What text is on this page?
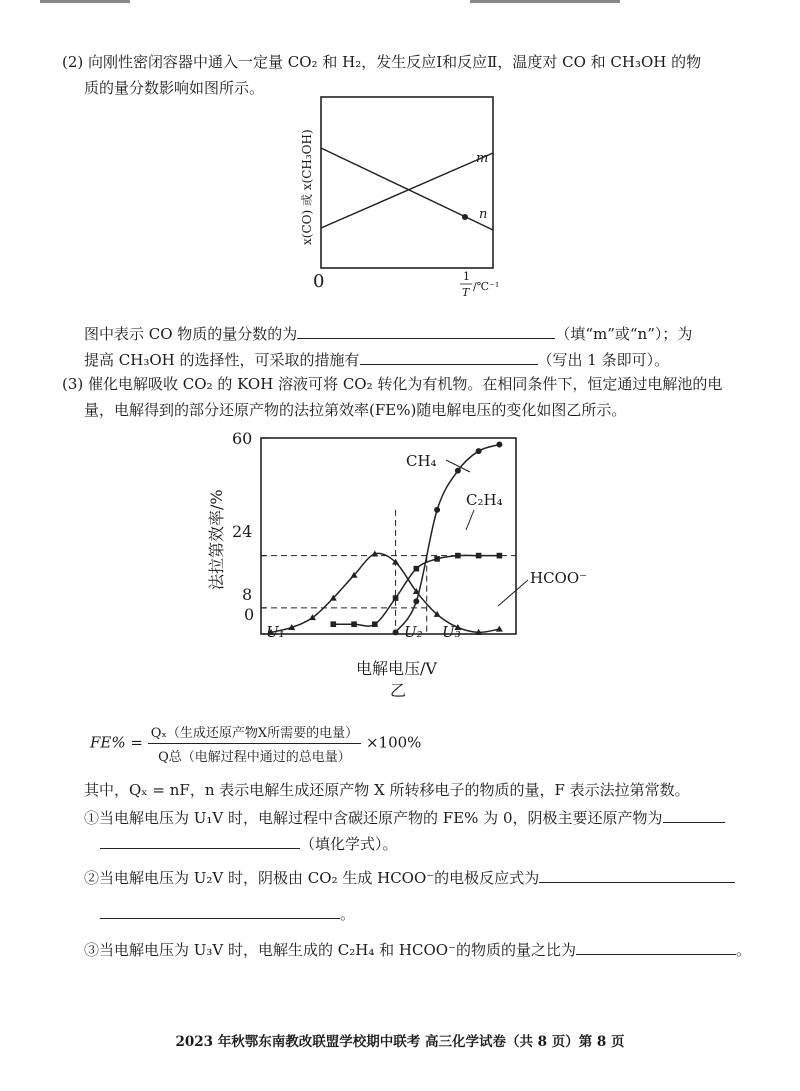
(2) 向刚性密闭容器中通入一定量 CO₂ 和 H₂，发生反应Ⅰ和反应Ⅱ，温度对 CO 和 CH₃OH 的物
质的量分数影响如图所示。
m
n
x(CO) 或 x(CH₃OH)
0	1
T /℃⁻¹
图中表示 CO 物质的量分数的为	（填“m”或“n”）；为
提高 CH₃OH 的选择性，可采取的措施有	（写出 1 条即可）。
(3) 催化电解吸收 CO₂ 的 KOH 溶液可将 CO₂ 转化为有机物。在相同条件下，恒定通过电解池的电
量，电解得到的部分还原产物的法拉第效率(FE%)随电解电压的变化如图乙所示。
60
24
8
0
U₁	U₂ U₃
法拉第效率/%
电解电压/V
乙
CH₄
C₂H₄
HCOO⁻
$FE\% = \frac{\text{Qₓ（生成还原产物X所需要的电量）}}{\text{Q总（电解过程中通过的总电量）}} \times 100\%$
其中，Qₓ = nF，n 表示电解生成还原产物 X 所转移电子的物质的量，F 表示法拉第常数。
①当电解电压为 U₁V 时，电解过程中含碳还原产物的 FE% 为 0，阴极主要还原产物为
（填化学式）。
②当电解电压为 U₂V 时，阴极由 CO₂ 生成 HCOO⁻的电极反应式为
。
③当电解电压为 U₃V 时，电解生成的 C₂H₄ 和 HCOO⁻的物质的量之比为	。
2023 年秋鄂东南教改联盟学校期中联考 高三化学试卷（共 8 页）第 8 页
